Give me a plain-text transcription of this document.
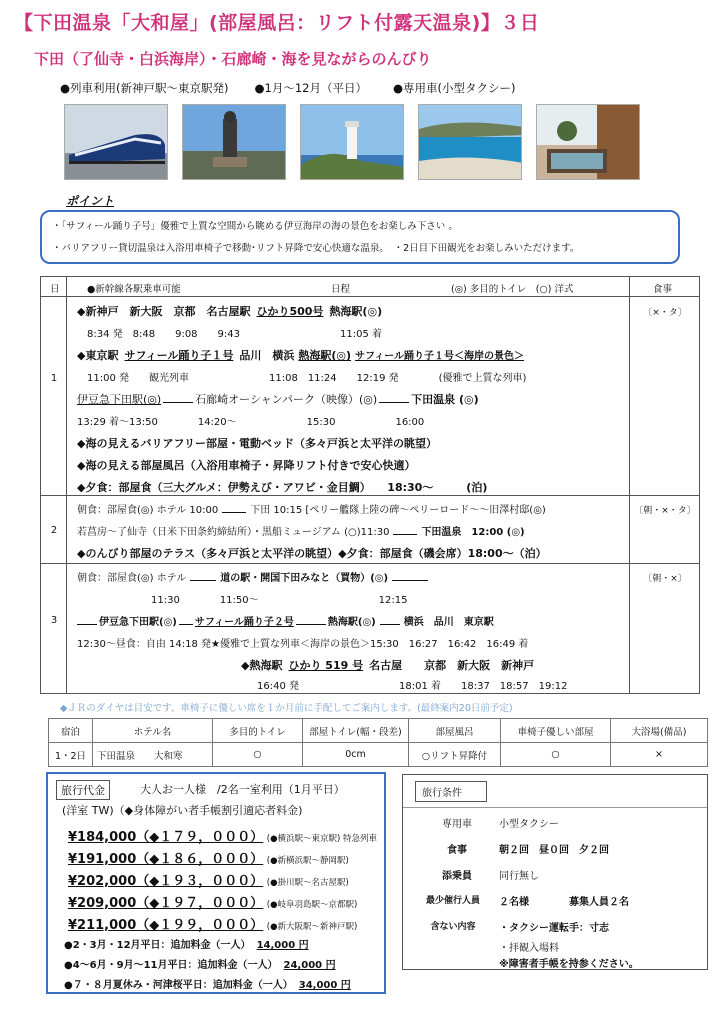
【下田温泉「大和屋」(部屋風呂：リフト付露天温泉)】３日
下田（了仙寺・白浜海岸）・石廊崎・海を見ながらのんびり
●列車利用(新神戸駅～東京駅発) ●1月～12月（平日） ●専用車(小型タクシー)
ポイント
・「サフィール踊り子号」優雅で上質な空間から眺める伊豆海岸の海の景色をお楽しみ下さい 。
・バリアフリー貸切温泉は入浴用車椅子で移動･リフト昇降で安心快適な温泉。　・2日目下田観光をお楽しみいただけます。
日	●新幹線各駅乗車可能	日程	(◎) 多目的トイレ　(○) 洋式	食事
1
〔×・タ〕
◆新神戸　新大阪　京都　名古屋駅 ひかり500号 熱海駅(◎)
8:34 発　8:48　　9:08　　9:43　　　　　　　　　　11:05 着
◆東京駅 サフィール踊り子１号 品川　横浜 熱海駅(◎) サフィール踊り子１号＜海岸の景色＞
11:00 発　　観光列車　　　　　　　　11:08　11:24　　12:19 発　　　　(優雅で上質な列車)
伊豆急下田駅(◎)	石廊崎オーシャンパーク（映像）(◎)	下田温泉 (◎)
13:29 着～13:50　　　　14:20～　　　　　　　15:30　　　　　　16:00
◆海の見えるバリアフリー部屋・電動ベッド（多々戸浜と太平洋の眺望）
◆海の見える部屋風呂（入浴用車椅子・昇降リフト付きで安心快適）
◆夕食：部屋食（三大グルメ：伊勢えび・アワビ・金目鯛）　　18:30～　　　(泊)
2
〔朝・×・タ〕
朝食：部屋食(◎) ホテル 10:00	下田 10:15 [ペリー艦隊上陸の碑～ペリーロード～～旧澤村邸(◎)
若菖房～了仙寺（日米下田条約締結所）・黒船ミュージアム (○)11:30	下田温泉　12:00 (◎)
◆のんびり部屋のテラス（多々戸浜と太平洋の眺望）◆夕食：部屋食（磯会席）18:00～（泊）
3
〔朝・×〕
朝食：部屋食(◎) ホテル	道の駅・開国下田みなと（買物）(◎)
11:30　　　　11:50～　　　　　　　　　　　　12:15
伊豆急下田駅(◎) サフィール踊り子２号	熱海駅(◎)	横浜　品川　東京駅
12:30～昼食：自由 14:18 発★優雅で上質な列車＜海岸の景色＞15:30　16:27　16:42　16:49 着
◆熱海駅 ひかり 519 号 名古屋　　京都　新大阪　新神戸
16:40 発　　　　　　　　　　18:01 着　　18:37　18:57　19:12
◆ＪＲのダイヤは目安です、車椅子に優しい席を１か月前に手配してご案内します。(最終案内20日前予定)
宿泊	ホテル名	多目的トイレ	部屋トイレ(幅・段差)	部屋風呂	車椅子優しい部屋	大浴場(備品)
1・2日	下田温泉　　大和寒	○	0cm	○リフト昇降付	○	×
旅行代金	大人お一人様　/2名一室利用（1月平日）
(洋室 TW)（◆身体障がい者手帳割引適応者料金)
¥184,000（◆１７９，０００） (●横浜駅～東京駅) 特急列車
¥191,000（◆１８６，０００） (●新横浜駅～静岡駅)
¥202,000（◆１９３，０００） (●掛川駅～名古屋駅)
¥209,000（◆１９７，０００） (●岐阜羽島駅～京都駅)
¥211,000（◆１９９，０００） (●新大阪駅～新神戸駅)
●2・3月・12月平日：追加料金（一人） 14,000 円
●4～6月・9月～11月平日：追加料金（一人） 24,000 円
●７・８月夏休み・河津桜平日：追加料金（一人） 34,000 円
旅行条件
専用車	小型タクシー
食事	朝２回　昼０回　夕２回
添乗員	同行無し
最少催行人員	２名様　　　　募集人員２名
含ない内容	・タクシー運転手：寸志
・拝観入場料
※障害者手帳を持参ください。
